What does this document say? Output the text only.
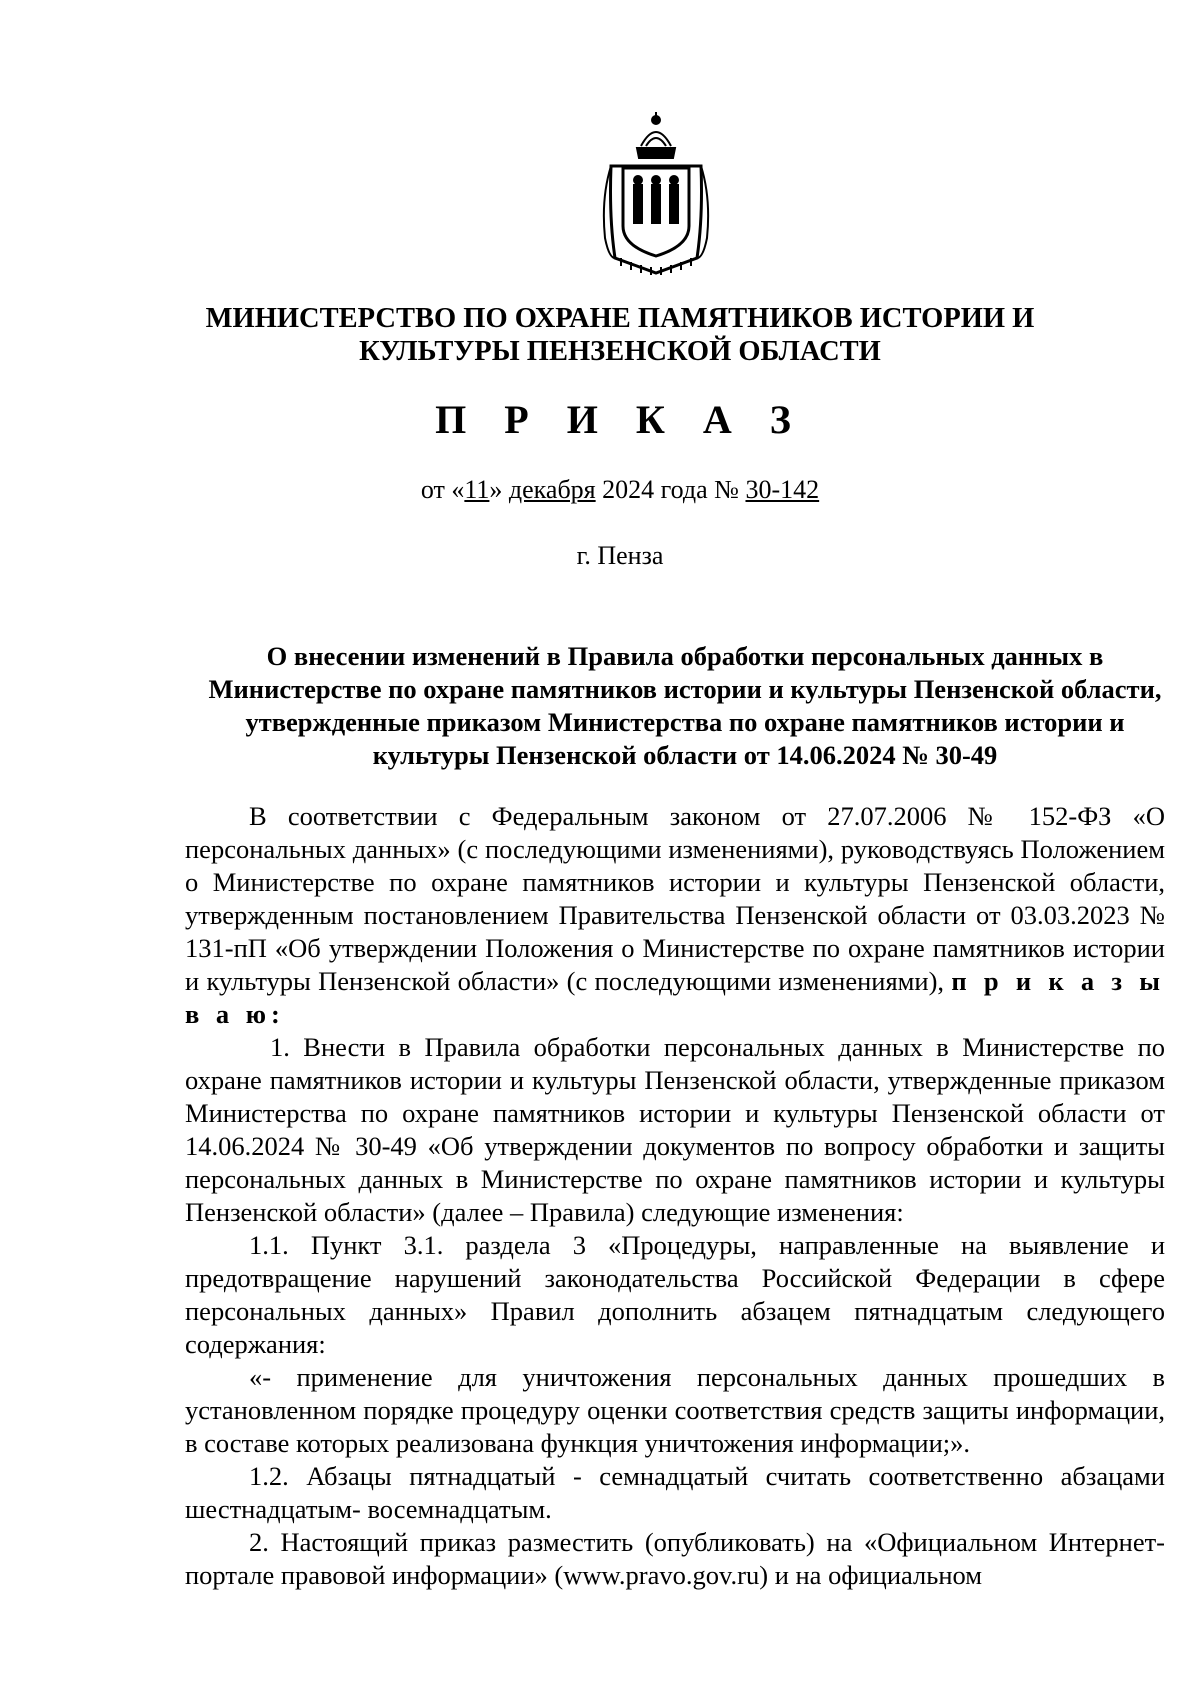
МИНИСТЕРСТВО ПО ОХРАНЕ ПАМЯТНИКОВ ИСТОРИИ И
КУЛЬТУРЫ ПЕНЗЕНСКОЙ ОБЛАСТИ
П Р И К А З
от «11» декабря 2024 года № 30-142
г. Пенза
О внесении изменений в Правила обработки персональных данных в Министерстве по охране памятников истории и культуры Пензенской области, утвержденные приказом Министерства по охране памятников истории и культуры Пензенской области от 14.06.2024 № 30-49

В соответствии с Федеральным законом от 27.07.2006 № 152-ФЗ «О персональных данных» (с последующими изменениями), руководствуясь Положением о Министерстве по охране памятников истории и культуры Пензенской области, утвержденным постановлением Правительства Пензенской области от 03.03.2023 № 131-пП «Об утверждении Положения о Министерстве по охране памятников истории и культуры Пензенской области» (с последующими изменениями), п р и к а з ы в а ю:

1. Внести в Правила обработки персональных данных в Министерстве по охране памятников истории и культуры Пензенской области, утвержденные приказом Министерства по охране памятников истории и культуры Пензенской области от 14.06.2024 № 30-49 «Об утверждении документов по вопросу обработки и защиты персональных данных в Министерстве по охране памятников истории и культуры Пензенской области» (далее – Правила) следующие изменения:

1.1. Пункт 3.1. раздела 3 «Процедуры, направленные на выявление и предотвращение нарушений законодательства Российской Федерации в сфере персональных данных» Правил дополнить абзацем пятнадцатым следующего содержания:

«- применение для уничтожения персональных данных прошедших в установленном порядке процедуру оценки соответствия средств защиты информации, в составе которых реализована функция уничтожения информации;».

1.2. Абзацы пятнадцатый - семнадцатый считать соответственно абзацами шестнадцатым- восемнадцатым.

2. Настоящий приказ разместить (опубликовать) на «Официальном Интернет-портале правовой информации» (www.pravo.gov.ru) и на официальном
